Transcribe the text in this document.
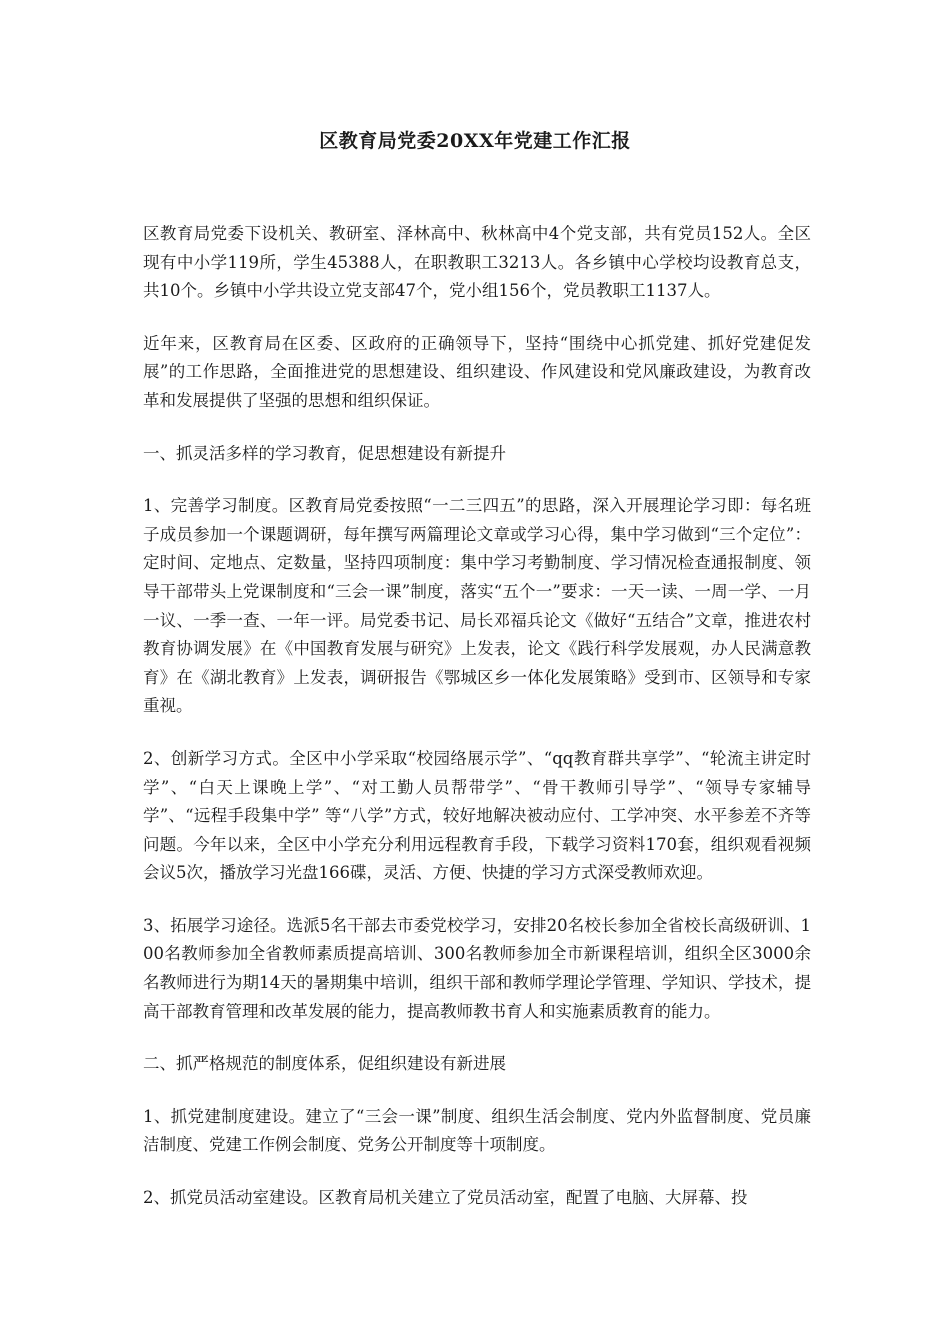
区教育局党委20XX年党建工作汇报

区教育局党委下设机关、教研室、泽林高中、秋林高中4个党支部，共有党员152人。全区现有中小学119所，学生45388人，在职教职工3213人。各乡镇中心学校均设教育总支，共10个。乡镇中小学共设立党支部47个，党小组156个，党员教职工1137人。

近年来，区教育局在区委、区政府的正确领导下，坚持“围绕中心抓党建、抓好党建促发展”的工作思路，全面推进党的思想建设、组织建设、作风建设和党风廉政建设，为教育改革和发展提供了坚强的思想和组织保证。

一、抓灵活多样的学习教育，促思想建设有新提升

1、完善学习制度。区教育局党委按照“一二三四五”的思路，深入开展理论学习即：每名班子成员参加一个课题调研，每年撰写两篇理论文章或学习心得，集中学习做到“三个定位”：定时间、定地点、定数量，坚持四项制度：集中学习考勤制度、学习情况检查通报制度、领导干部带头上党课制度和“三会一课”制度，落实“五个一”要求：一天一读、一周一学、一月一议、一季一查、一年一评。局党委书记、局长邓福兵论文《做好“五结合”文章，推进农村教育协调发展》在《中国教育发展与研究》上发表，论文《践行科学发展观，办人民满意教育》在《湖北教育》上发表，调研报告《鄂城区乡一体化发展策略》受到市、区领导和专家重视。

2、创新学习方式。全区中小学采取“校园络展示学”、“qq教育群共享学”、“轮流主讲定时学”、“白天上课晚上学”、“对工勤人员帮带学”、“骨干教师引导学”、“领导专家辅导学”、“远程手段集中学” 等“八学”方式，较好地解决被动应付、工学冲突、水平参差不齐等问题。今年以来，全区中小学充分利用远程教育手段，下载学习资料170套，组织观看视频会议5次，播放学习光盘166碟，灵活、方便、快捷的学习方式深受教师欢迎。

3、拓展学习途径。选派5名干部去市委党校学习，安排20名校长参加全省校长高级研训、100名教师参加全省教师素质提高培训、300名教师参加全市新课程培训，组织全区3000余名教师进行为期14天的暑期集中培训，组织干部和教师学理论学管理、学知识、学技术，提高干部教育管理和改革发展的能力，提高教师教书育人和实施素质教育的能力。

二、抓严格规范的制度体系，促组织建设有新进展

1、抓党建制度建设。建立了“三会一课”制度、组织生活会制度、党内外监督制度、党员廉洁制度、党建工作例会制度、党务公开制度等十项制度。

2、抓党员活动室建设。区教育局机关建立了党员活动室，配置了电脑、大屏幕、投
